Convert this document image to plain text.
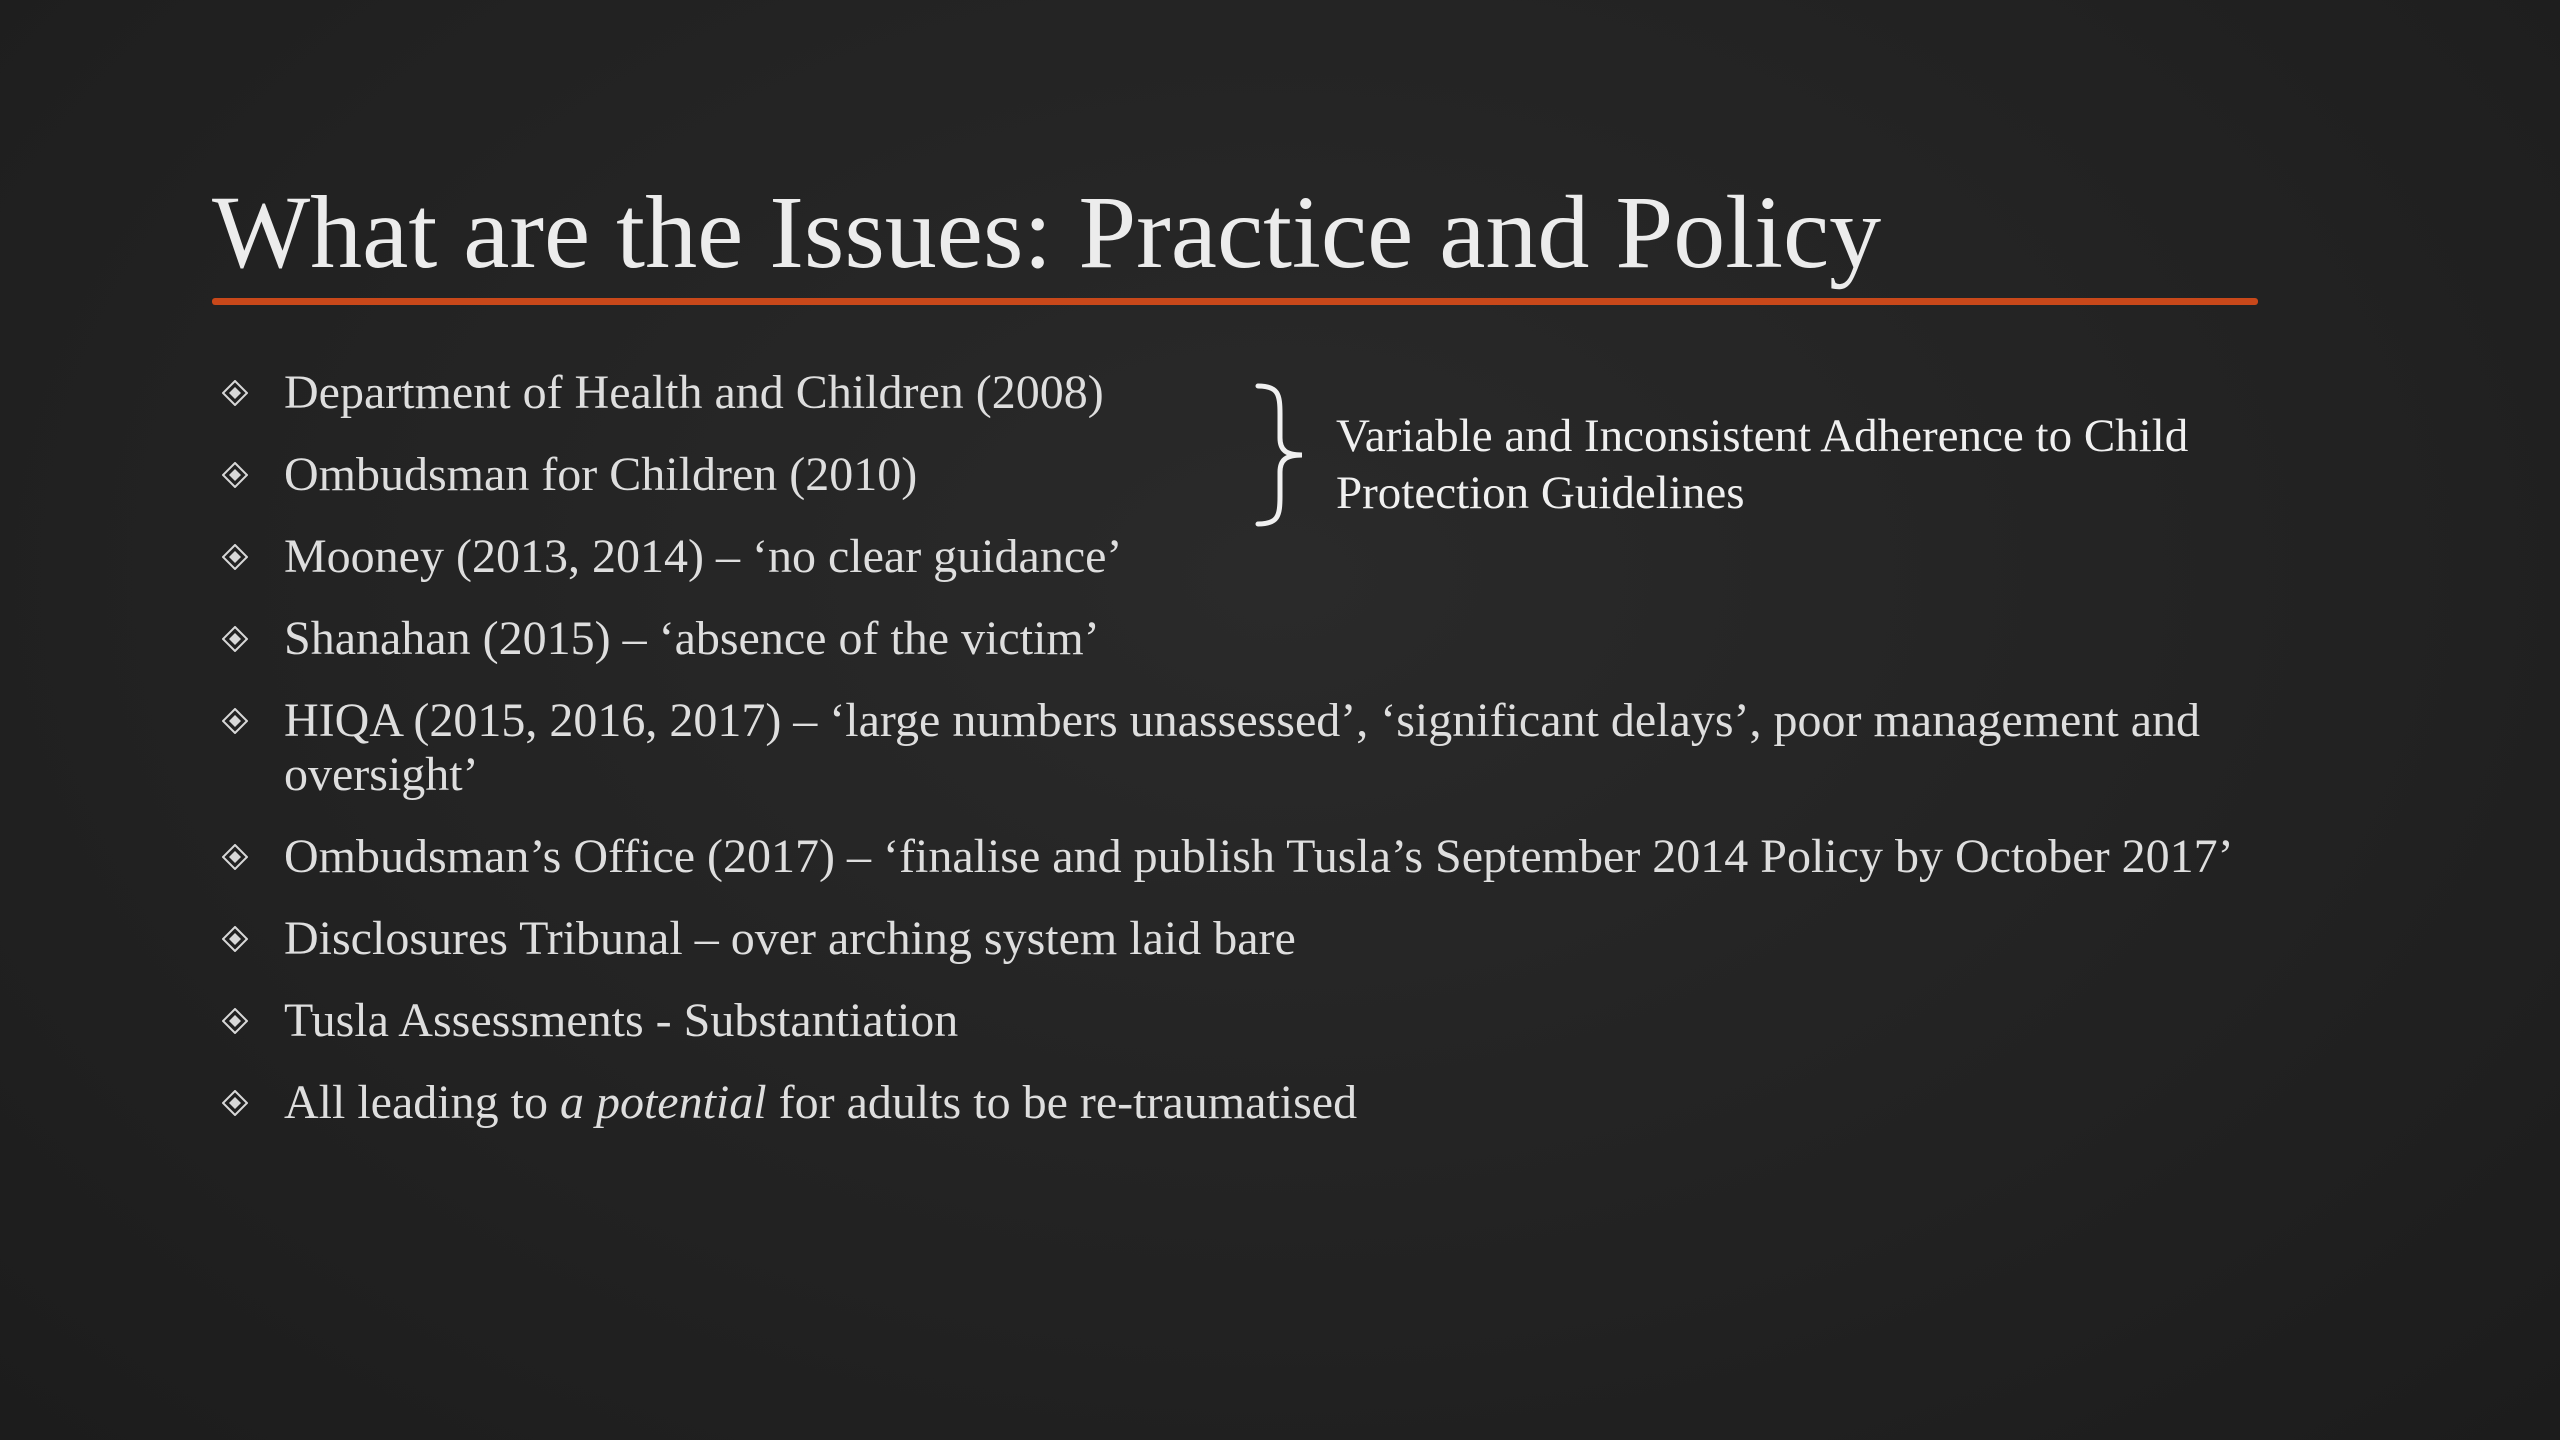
What are the Issues: Practice and Policy
Department of Health and Children (2008)
Ombudsman for Children (2010)
Mooney (2013, 2014) – ‘no clear guidance’
Shanahan (2015) – ‘absence of the victim’
HIQA (2015, 2016, 2017) – ‘large numbers unassessed’, ‘significant delays’, poor management and oversight’
Ombudsman’s Office (2017) – ‘finalise and publish Tusla’s September 2014 Policy by October 2017’
Disclosures Tribunal – over arching system laid bare
Tusla Assessments - Substantiation
All leading to a potential for adults to be re-traumatised
Variable and Inconsistent Adherence to Child Protection Guidelines
